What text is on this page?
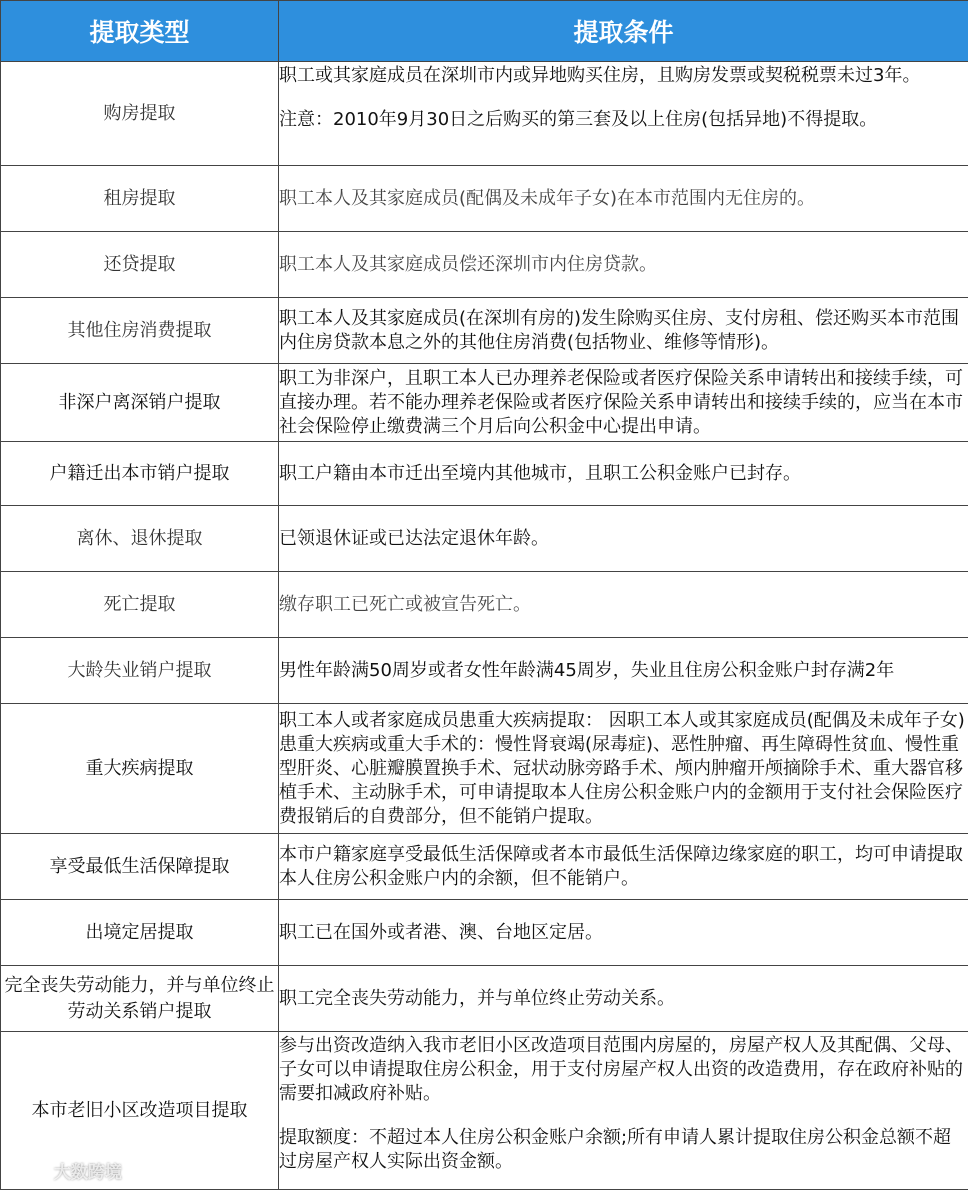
提取类型	提取条件
购房提取	职工或其家庭成员在深圳市内或异地购买住房，且购房发票或契税税票未过3年。

注意：2010年9月30日之后购买的第三套及以上住房(包括异地)不得提取。

租房提取	职工本人及其家庭成员(配偶及未成年子女)在本市范围内无住房的。
还贷提取	职工本人及其家庭成员偿还深圳市内住房贷款。
其他住房消费提取	职工本人及其家庭成员(在深圳有房的)发生除购买住房、支付房租、偿还购买本市范围内住房贷款本息之外的其他住房消费(包括物业、维修等情形)。
非深户离深销户提取	职工为非深户，且职工本人已办理养老保险或者医疗保险关系申请转出和接续手续，可直接办理。若不能办理养老保险或者医疗保险关系申请转出和接续手续的，应当在本市社会保险停止缴费满三个月后向公积金中心提出申请。
户籍迁出本市销户提取	职工户籍由本市迁出至境内其他城市，且职工公积金账户已封存。
离休、退休提取	已领退休证或已达法定退休年龄。
死亡提取	缴存职工已死亡或被宣告死亡。
大龄失业销户提取	男性年龄满50周岁或者女性年龄满45周岁，失业且住房公积金账户封存满2年
重大疾病提取	职工本人或者家庭成员患重大疾病提取： 因职工本人或其家庭成员(配偶及未成年子女)患重大疾病或重大手术的：慢性肾衰竭(尿毒症)、恶性肿瘤、再生障碍性贫血、慢性重型肝炎、心脏瓣膜置换手术、冠状动脉旁路手术、颅内肿瘤开颅摘除手术、重大器官移植手术、主动脉手术，可申请提取本人住房公积金账户内的金额用于支付社会保险医疗费报销后的自费部分，但不能销户提取。
享受最低生活保障提取	本市户籍家庭享受最低生活保障或者本市最低生活保障边缘家庭的职工，均可申请提取本人住房公积金账户内的余额，但不能销户。
出境定居提取	职工已在国外或者港、澳、台地区定居。
完全丧失劳动能力，并与单位终止劳动关系销户提取	职工完全丧失劳动能力，并与单位终止劳动关系。
本市老旧小区改造项目提取	参与出资改造纳入我市老旧小区改造项目范围内房屋的，房屋产权人及其配偶、父母、子女可以申请提取住房公积金，用于支付房屋产权人出资的改造费用，存在政府补贴的需要扣减政府补贴。

提取额度：不超过本人住房公积金账户余额;所有申请人累计提取住房公积金总额不超过房屋产权人实际出资金额。

大数跨境
